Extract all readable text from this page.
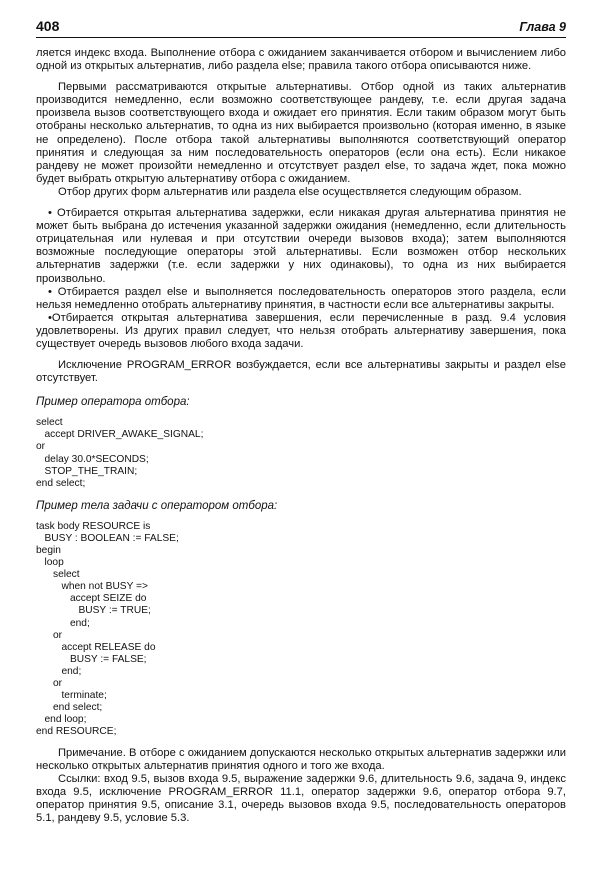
408	Глава 9

ляется индекс входа. Выполнение отбора с ожиданием заканчивается отбором и вычислением либо одной из открытых альтернатив, либо раздела else; правила такого отбора описываются ниже.

Первыми рассматриваются открытые альтернативы. Отбор одной из таких альтернатив производится немедленно, если возможно соответствующее рандеву, т.е. если другая задача произвела вызов соответствующего входа и ожидает его принятия. Если таким образом могут быть отобраны несколько альтернатив, то одна из них выбирается произвольно (которая именно, в языке не определено). После отбора такой альтернативы выполняются соответствующий оператор принятия и следующая за ним последовательность операторов (если она есть). Если никакое рандеву не может произойти немедленно и отсутствует раздел else, то задача ждет, пока можно будет выбрать открытую альтернативу отбора с ожиданием.

Отбор других форм альтернатив или раздела else осуществляется следующим образом.

• Отбирается открытая альтернатива задержки, если никакая другая альтернатива принятия не может быть выбрана до истечения указанной задержки ожидания (немедленно, если длительность отрицательная или нулевая и при отсутствии очереди вызовов входа); затем выполняются возможные последующие операторы этой альтернативы. Если возможен отбор нескольких альтернатив задержки (т.е. если задержки у них одинаковы), то одна из них выбирается произвольно.

• Отбирается раздел else и выполняется последовательность операторов этого раздела, если нельзя немедленно отобрать альтернативу принятия, в частности если все альтернативы закрыты.

•Отбирается открытая альтернатива завершения, если перечисленные в разд. 9.4 условия удовлетворены. Из других правил следует, что нельзя отобрать альтернативу завершения, пока существует очередь вызовов любого входа задачи.

Исключение PROGRAM_ERROR возбуждается, если все альтернативы закрыты и раздел else отсутствует.

Пример оператора отбора:
select
accept DRIVER_AWAKE_SIGNAL;
or
delay 30.0*SECONDS;
STOP_THE_TRAIN;
end select;
Пример тела задачи с оператором отбора:
task body RESOURCE is
BUSY : BOOLEAN := FALSE;
begin
loop
select
when not BUSY =>
accept SEIZE do
BUSY := TRUE;
end;
or
accept RELEASE do
BUSY := FALSE;
end;
or
terminate;
end select;
end loop;
end RESOURCE;

Примечание. В отборе с ожиданием допускаются несколько открытых альтернатив задержки или несколько открытых альтернатив принятия одного и того же входа.

Ссылки: вход 9.5, вызов входа 9.5, выражение задержки 9.6, длительность 9.6, задача 9, индекс входа 9.5, исключение PROGRAM_ERROR 11.1, оператор задержки 9.6, оператор отбора 9.7, оператор принятия 9.5, описание 3.1, очередь вызовов входа 9.5, последовательность операторов 5.1, рандеву 9.5, условие 5.3.
